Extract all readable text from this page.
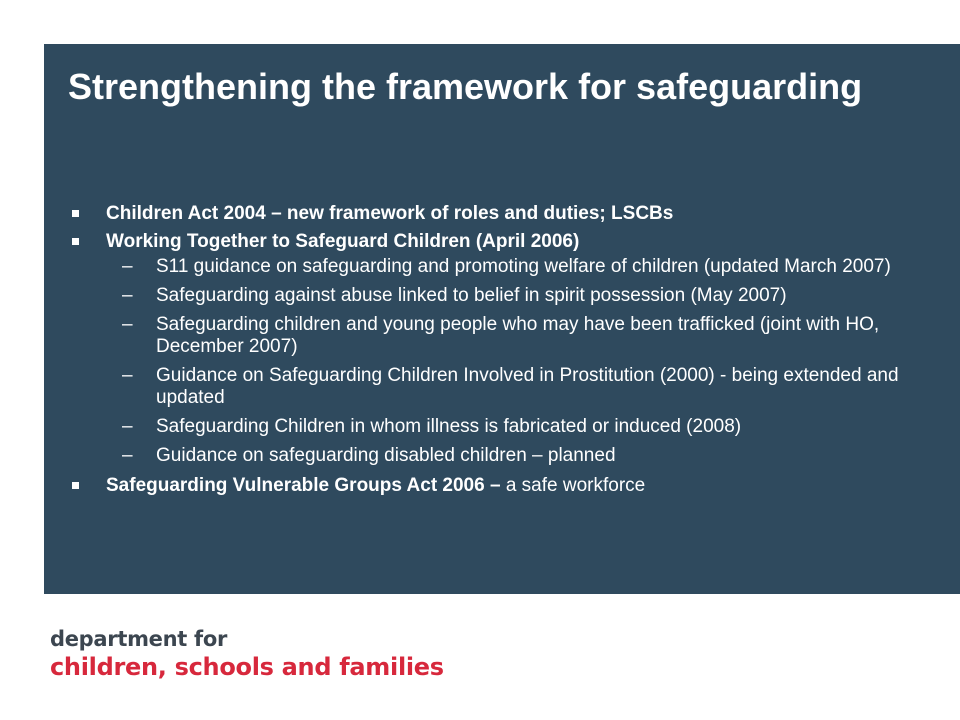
Strengthening the framework for safeguarding
Children Act 2004 – new framework of roles and duties; LSCBs
Working Together to Safeguard Children (April 2006)
– S11 guidance on safeguarding and promoting welfare of children (updated March 2007)
– Safeguarding against abuse linked to belief in spirit possession (May 2007)
– Safeguarding children and young people who may have been trafficked (joint with HO, December 2007)
– Guidance on Safeguarding Children Involved in Prostitution (2000) - being extended and updated
– Safeguarding Children in whom illness is fabricated or induced (2008)
– Guidance on safeguarding disabled children – planned
Safeguarding Vulnerable Groups Act 2006 – a safe workforce
department for
children, schools and families
